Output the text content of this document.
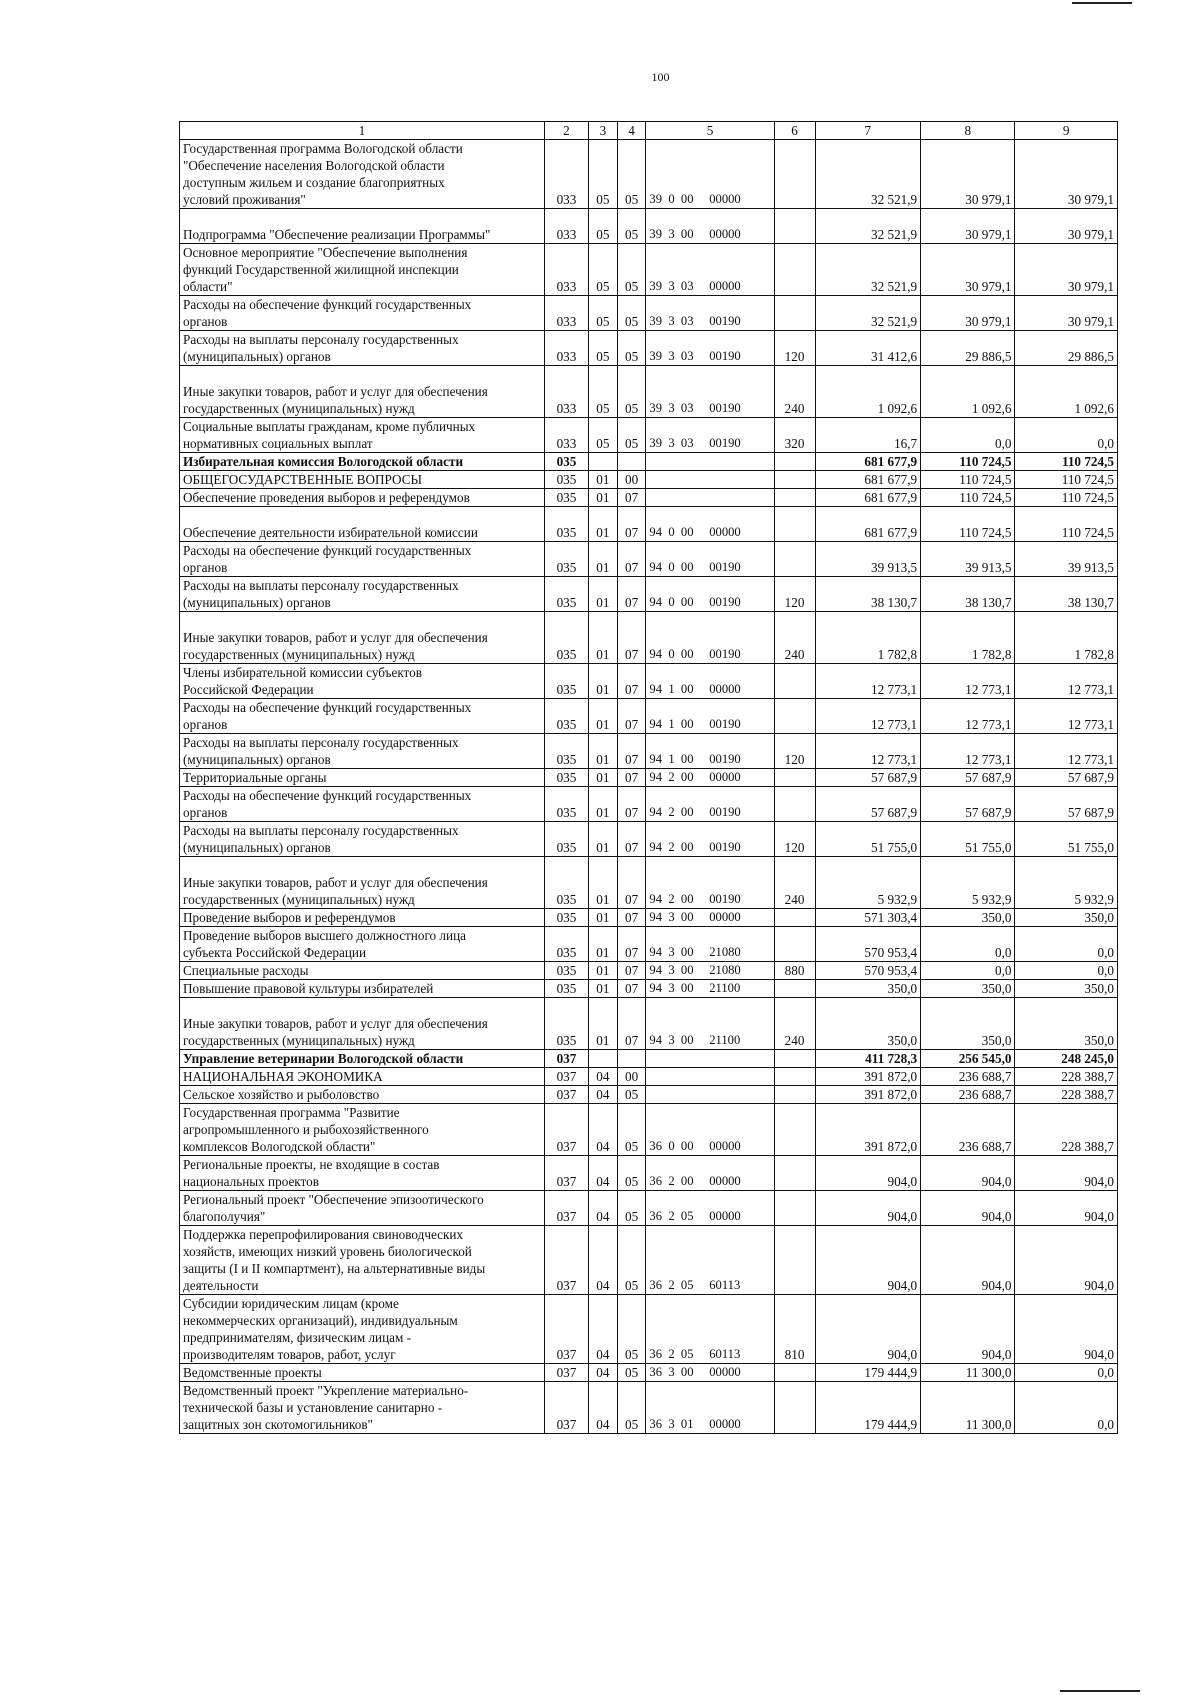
100
1	2	3	4	5	6	7	8	9
Государственная программа Вологодской области
"Обеспечение населения Вологодской области
доступным жильем и создание благоприятных
условий проживания"	033	05	05	39  0  00     00000		32 521,9	30 979,1	30 979,1
Подпрограмма "Обеспечение реализации Программы"	033	05	05	39  3  00     00000		32 521,9	30 979,1	30 979,1
Основное мероприятие "Обеспечение выполнения
функций Государственной жилищной инспекции
области"	033	05	05	39  3  03     00000		32 521,9	30 979,1	30 979,1
Расходы на обеспечение функций государственных
органов	033	05	05	39  3  03     00190		32 521,9	30 979,1	30 979,1
Расходы на выплаты персоналу государственных
(муниципальных) органов	033	05	05	39  3  03     00190	120	31 412,6	29 886,5	29 886,5

Иные закупки товаров, работ и услуг для обеспечения
государственных (муниципальных) нужд	033	05	05	39  3  03     00190	240	1 092,6	1 092,6	1 092,6
Социальные выплаты гражданам, кроме публичных
нормативных социальных выплат	033	05	05	39  3  03     00190	320	16,7	0,0	0,0
Избирательная комиссия Вологодской области	035					681 677,9	110 724,5	110 724,5
ОБЩЕГОСУДАРСТВЕННЫЕ ВОПРОСЫ	035	01	00			681 677,9	110 724,5	110 724,5
Обеспечение проведения выборов и референдумов	035	01	07			681 677,9	110 724,5	110 724,5
Обеспечение деятельности избирательной комиссии	035	01	07	94  0  00     00000		681 677,9	110 724,5	110 724,5
Расходы на обеспечение функций государственных
органов	035	01	07	94  0  00     00190		39 913,5	39 913,5	39 913,5
Расходы на выплаты персоналу государственных
(муниципальных) органов	035	01	07	94  0  00     00190	120	38 130,7	38 130,7	38 130,7

Иные закупки товаров, работ и услуг для обеспечения
государственных (муниципальных) нужд	035	01	07	94  0  00     00190	240	1 782,8	1 782,8	1 782,8
Члены избирательной комиссии субъектов
Российской Федерации	035	01	07	94  1  00     00000		12 773,1	12 773,1	12 773,1
Расходы на обеспечение функций государственных
органов	035	01	07	94  1  00     00190		12 773,1	12 773,1	12 773,1
Расходы на выплаты персоналу государственных
(муниципальных) органов	035	01	07	94  1  00     00190	120	12 773,1	12 773,1	12 773,1
Территориальные органы	035	01	07	94  2  00     00000		57 687,9	57 687,9	57 687,9
Расходы на обеспечение функций государственных
органов	035	01	07	94  2  00     00190		57 687,9	57 687,9	57 687,9
Расходы на выплаты персоналу государственных
(муниципальных) органов	035	01	07	94  2  00     00190	120	51 755,0	51 755,0	51 755,0

Иные закупки товаров, работ и услуг для обеспечения
государственных (муниципальных) нужд	035	01	07	94  2  00     00190	240	5 932,9	5 932,9	5 932,9
Проведение выборов и референдумов	035	01	07	94  3  00     00000		571 303,4	350,0	350,0
Проведение выборов высшего должностного лица
субъекта Российской Федерации	035	01	07	94  3  00     21080		570 953,4	0,0	0,0
Специальные расходы	035	01	07	94  3  00     21080	880	570 953,4	0,0	0,0
Повышение правовой культуры избирателей	035	01	07	94  3  00     21100		350,0	350,0	350,0

Иные закупки товаров, работ и услуг для обеспечения
государственных (муниципальных) нужд	035	01	07	94  3  00     21100	240	350,0	350,0	350,0
Управление ветеринарии Вологодской области	037					411 728,3	256 545,0	248 245,0
НАЦИОНАЛЬНАЯ ЭКОНОМИКА	037	04	00			391 872,0	236 688,7	228 388,7
Сельское хозяйство и рыболовство	037	04	05			391 872,0	236 688,7	228 388,7
Государственная программа "Развитие
агропромышленного и рыбохозяйственного
комплексов Вологодской области"	037	04	05	36  0  00     00000		391 872,0	236 688,7	228 388,7
Региональные проекты, не входящие в состав
национальных проектов	037	04	05	36  2  00     00000		904,0	904,0	904,0
Региональный проект "Обеспечение эпизоотического
благополучия"	037	04	05	36  2  05     00000		904,0	904,0	904,0
Поддержка перепрофилирования свиноводческих
хозяйств, имеющих низкий уровень биологической
защиты (I и II компартмент), на альтернативные виды
деятельности	037	04	05	36  2  05     60113		904,0	904,0	904,0
Субсидии юридическим лицам (кроме
некоммерческих организаций), индивидуальным
предпринимателям, физическим лицам -
производителям товаров, работ, услуг	037	04	05	36  2  05     60113	810	904,0	904,0	904,0
Ведомственные проекты	037	04	05	36  3  00     00000		179 444,9	11 300,0	0,0
Ведомственный проект "Укрепление материально-
технической базы и установление санитарно -
защитных зон скотомогильников"	037	04	05	36  3  01     00000		179 444,9	11 300,0	0,0
